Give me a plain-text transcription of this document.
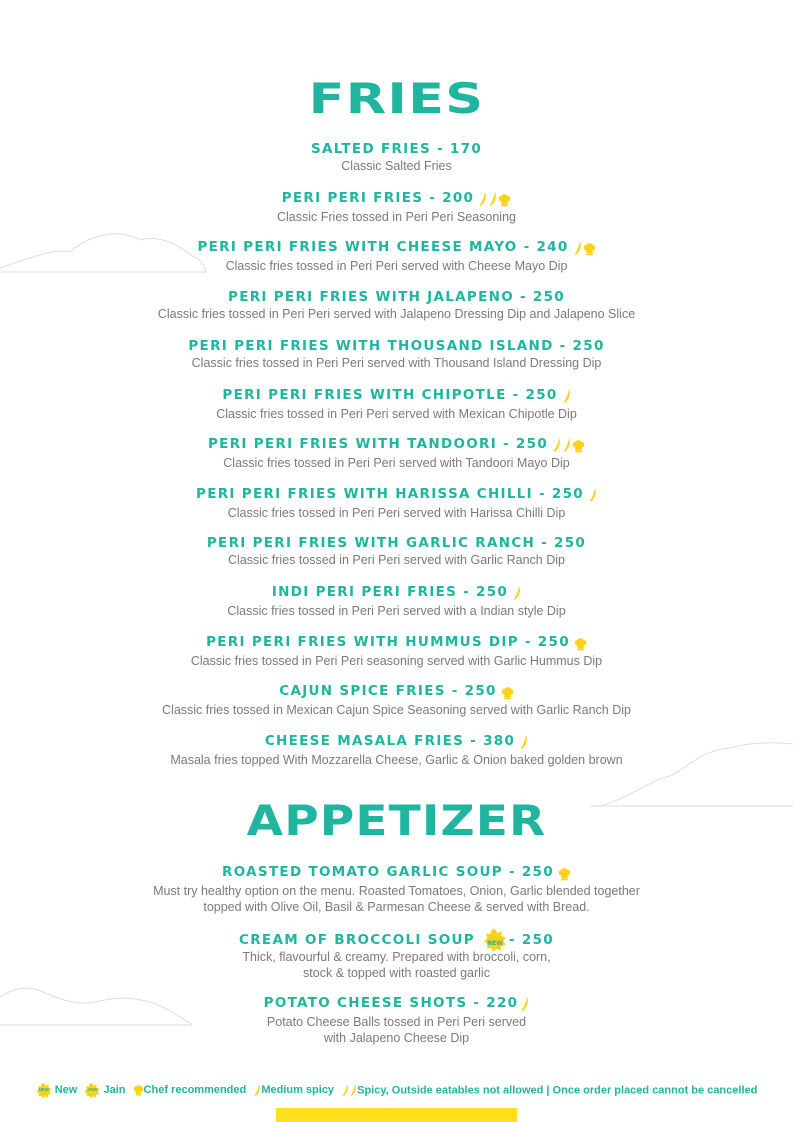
FRIES
SALTED FRIES - 170
Classic Salted Fries
PERI PERI FRIES - 200
Classic Fries tossed in Peri Peri Seasoning
PERI PERI FRIES WITH CHEESE MAYO - 240
Classic fries tossed in Peri Peri served with Cheese Mayo Dip
PERI PERI FRIES WITH JALAPENO - 250
Classic fries tossed in Peri Peri served with Jalapeno Dressing Dip and Jalapeno Slice
PERI PERI FRIES WITH THOUSAND ISLAND - 250
Classic fries tossed in Peri Peri served with Thousand Island Dressing Dip
PERI PERI FRIES WITH CHIPOTLE - 250
Classic fries tossed in Peri Peri served with Mexican Chipotle Dip
PERI PERI FRIES WITH TANDOORI - 250
Classic fries tossed in Peri Peri served with Tandoori Mayo Dip
PERI PERI FRIES WITH HARISSA CHILLI - 250
Classic fries tossed in Peri Peri served with Harissa Chilli Dip
PERI PERI FRIES WITH GARLIC RANCH - 250
Classic fries tossed in Peri Peri served with Garlic Ranch Dip
INDI PERI PERI FRIES - 250
Classic fries tossed in Peri Peri served with a Indian style Dip
PERI PERI FRIES WITH HUMMUS DIP - 250
Classic fries tossed in Peri Peri seasoning served with Garlic Hummus Dip
CAJUN SPICE FRIES - 250
Classic fries tossed in Mexican Cajun Spice Seasoning served with Garlic Ranch Dip
CHEESE MASALA FRIES - 380
Masala fries topped With Mozzarella Cheese, Garlic & Onion baked golden brown
APPETIZER
ROASTED TOMATO GARLIC SOUP - 250
Must try healthy option on the menu. Roasted Tomatoes, Onion, Garlic blended together
topped with Olive Oil, Basil & Parmesan Cheese & served with Bread.
CREAM OF BROCCOLI SOUP	NEW - 250
Thick, flavourful & creamy. Prepared with broccoli, corn,
stock & topped with roasted garlic
POTATO CHEESE SHOTS - 220
Potato Cheese Balls tossed in Peri Peri served
with Jalapeno Cheese Dip
NEW New	JAIN Jain Chef recommended Medium spicy Spicy, Outside eatables not allowed | Once order placed cannot be cancelled
